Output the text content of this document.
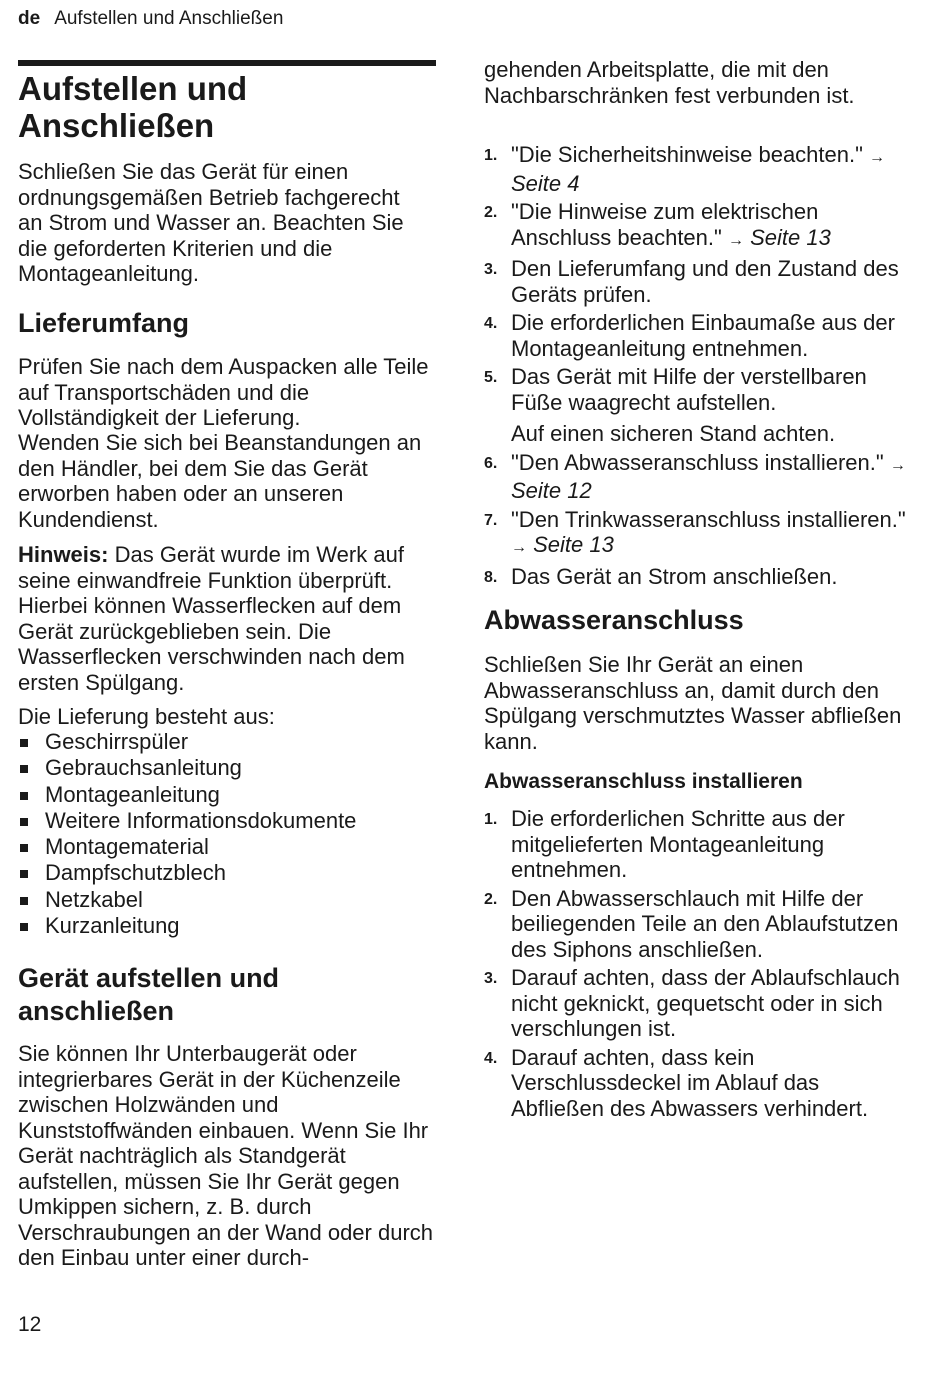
de Aufstellen und Anschließen
Aufstellen und Anschließen

Schließen Sie das Gerät für einen ordnungsgemäßen Betrieb fachgerecht an Strom und Wasser an. Beachten Sie die geforderten Kriterien und die Montageanleitung.

Lieferumfang

Prüfen Sie nach dem Auspacken alle Teile auf Transportschäden und die Vollständigkeit der Lieferung.

Wenden Sie sich bei Beanstandungen an den Händler, bei dem Sie das Gerät erworben haben oder an unseren Kundendienst.

Hinweis: Das Gerät wurde im Werk auf seine einwandfreie Funktion überprüft. Hierbei können Wasserflecken auf dem Gerät zurückgeblieben sein. Die Wasserflecken verschwinden nach dem ersten Spülgang.

Die Lieferung besteht aus:

Geschirrspüler
Gebrauchsanleitung
Montageanleitung
Weitere Informationsdokumente
Montagematerial
Dampfschutzblech
Netzkabel
Kurzanleitung
Gerät aufstellen und anschließen

Sie können Ihr Unterbaugerät oder integrierbares Gerät in der Küchenzeile zwischen Holzwänden und Kunststoffwänden einbauen. Wenn Sie Ihr Gerät nachträglich als Standgerät aufstellen, müssen Sie Ihr Gerät gegen Umkippen sichern, z. B. durch Verschraubungen an der Wand oder durch den Einbau unter einer durch-

gehenden Arbeitsplatte, die mit den Nachbarschränken fest verbunden ist.

1. "Die Sicherheitshinweise beachten." → Seite 4
2. "Die Hinweise zum elektrischen Anschluss beachten." → Seite 13
3. Den Lieferumfang und den Zustand des Geräts prüfen.
4. Die erforderlichen Einbaumaße aus der Montageanleitung entnehmen.
5. Das Gerät mit Hilfe der verstellbaren Füße waagrecht aufstellen.
Auf einen sicheren Stand achten.
6. "Den Abwasseranschluss installieren." → Seite 12
7. "Den Trinkwasseranschluss installieren." → Seite 13
8. Das Gerät an Strom anschließen.
Abwasseranschluss

Schließen Sie Ihr Gerät an einen Abwasseranschluss an, damit durch den Spülgang verschmutztes Wasser abfließen kann.

Abwasseranschluss installieren
1. Die erforderlichen Schritte aus der mitgelieferten Montageanleitung entnehmen.
2. Den Abwasserschlauch mit Hilfe der beiliegenden Teile an den Ablaufstutzen des Siphons anschließen.
3. Darauf achten, dass der Ablaufschlauch nicht geknickt, gequetscht oder in sich verschlungen ist.
4. Darauf achten, dass kein Verschlussdeckel im Ablauf das Abfließen des Abwassers verhindert.
12
